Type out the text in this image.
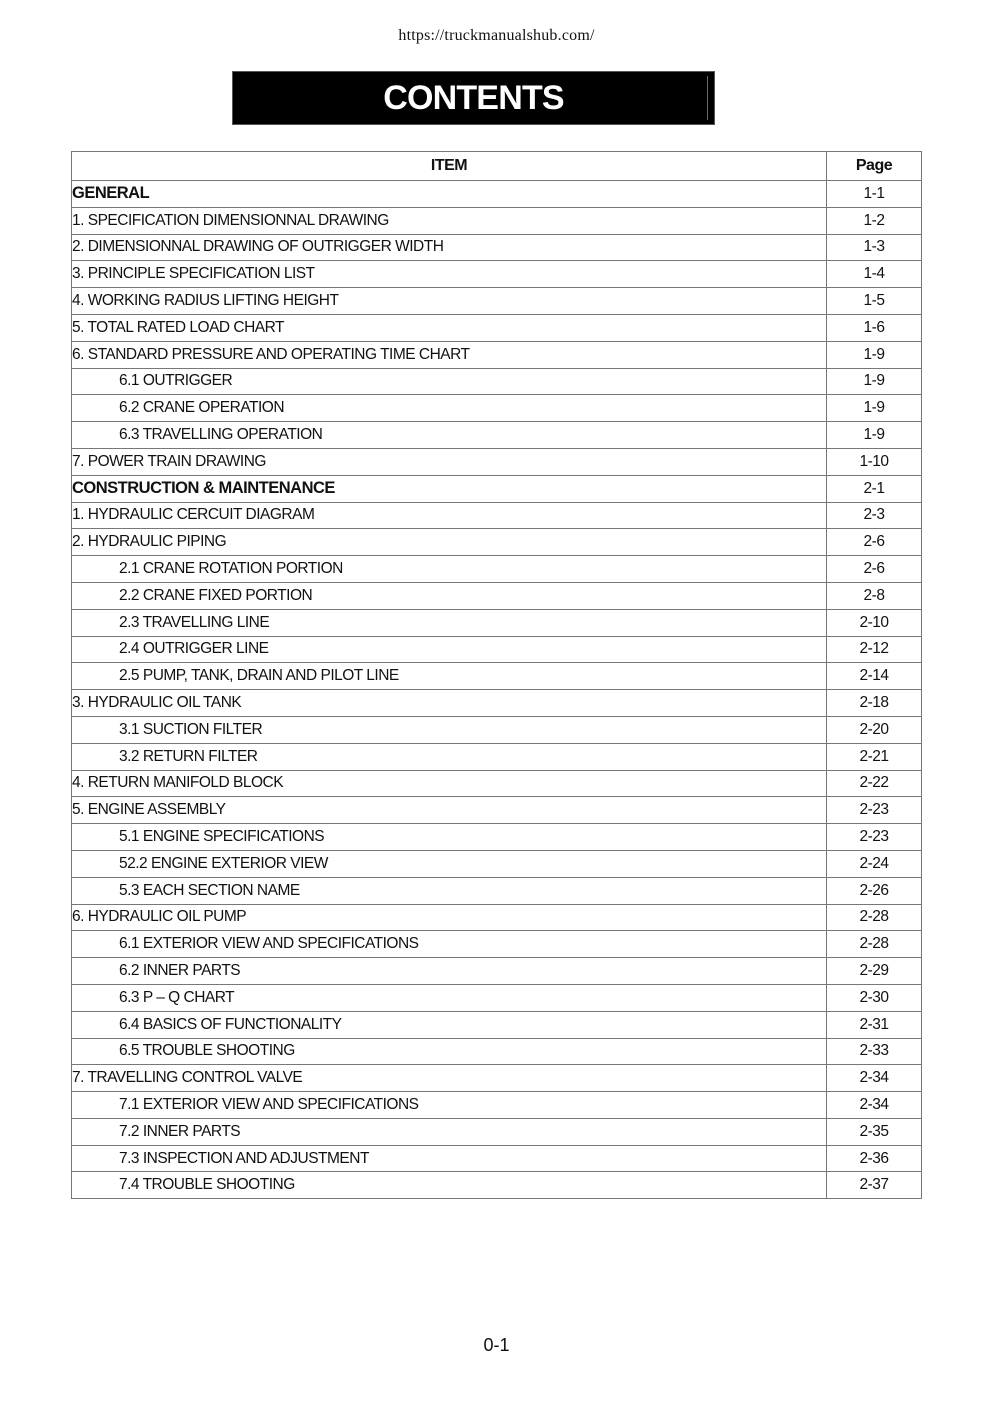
https://truckmanualshub.com/
CONTENTS
ITEM	Page
GENERAL	1-1
1. SPECIFICATION DIMENSIONNAL DRAWING	1-2
2. DIMENSIONNAL DRAWING OF OUTRIGGER WIDTH	1-3
3. PRINCIPLE SPECIFICATION LIST	1-4
4. WORKING RADIUS LIFTING HEIGHT	1-5
5. TOTAL RATED LOAD CHART	1-6
6. STANDARD PRESSURE AND OPERATING TIME CHART	1-9
6.1 OUTRIGGER	1-9
6.2 CRANE OPERATION	1-9
6.3 TRAVELLING OPERATION	1-9
7. POWER TRAIN DRAWING	1-10
CONSTRUCTION & MAINTENANCE	2-1
1. HYDRAULIC CERCUIT DIAGRAM	2-3
2. HYDRAULIC PIPING	2-6
2.1 CRANE ROTATION PORTION	2-6
2.2 CRANE FIXED PORTION	2-8
2.3 TRAVELLING LINE	2-10
2.4 OUTRIGGER LINE	2-12
2.5 PUMP, TANK, DRAIN AND PILOT LINE	2-14
3. HYDRAULIC OIL TANK	2-18
3.1 SUCTION FILTER	2-20
3.2 RETURN FILTER	2-21
4. RETURN MANIFOLD BLOCK	2-22
5. ENGINE ASSEMBLY	2-23
5.1 ENGINE SPECIFICATIONS	2-23
52.2 ENGINE EXTERIOR VIEW	2-24
5.3 EACH SECTION NAME	2-26
6. HYDRAULIC OIL PUMP	2-28
6.1 EXTERIOR VIEW AND SPECIFICATIONS	2-28
6.2 INNER PARTS	2-29
6.3 P – Q CHART	2-30
6.4 BASICS OF FUNCTIONALITY	2-31
6.5 TROUBLE SHOOTING	2-33
7. TRAVELLING CONTROL VALVE	2-34
7.1 EXTERIOR VIEW AND SPECIFICATIONS	2-34
7.2 INNER PARTS	2-35
7.3 INSPECTION AND ADJUSTMENT	2-36
7.4 TROUBLE SHOOTING	2-37
0-1
